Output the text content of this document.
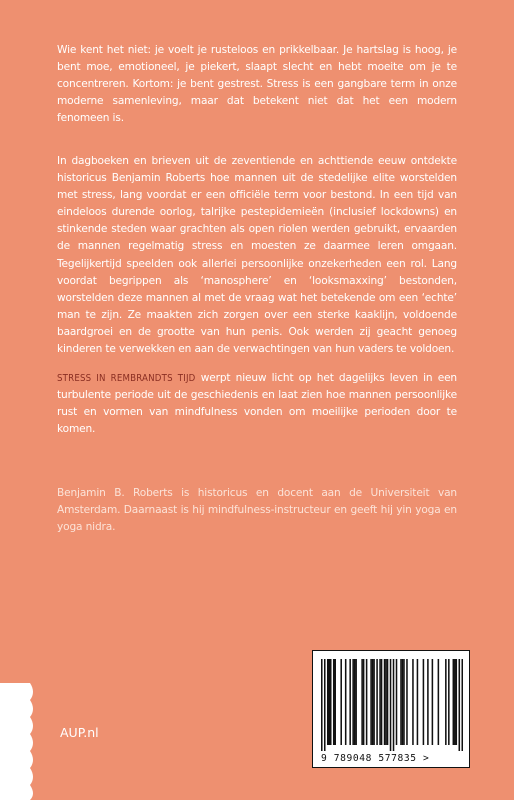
Wie kent het niet: je voelt je rusteloos en prikkelbaar. Je hartslag is hoog, je bent moe, emotioneel, je piekert, slaapt slecht en hebt moeite om je te concentreren. Kortom: je bent gestrest. Stress is een gangbare term in onze moderne samenleving, maar dat betekent niet dat het een modern fenomeen is.
In dagboeken en brieven uit de zeventiende en achttiende eeuw ontdekte historicus Benjamin Roberts hoe mannen uit de stedelijke elite worstelden met stress, lang voordat er een officiële term voor bestond. In een tijd van eindeloos durende oorlog, talrijke pestepidemieën (inclusief lockdowns) en stinkende steden waar grachten als open riolen werden gebruikt, ervaarden de mannen regelmatig stress en moesten ze daarmee leren omgaan. Tegelijkertijd speelden ook allerlei persoonlijke onzekerheden een rol. Lang voordat begrippen als ‘manosphere’ en ‘looksmaxxing’ bestonden, worstelden deze mannen al met de vraag wat het betekende om een ‘echte’ man te zijn. Ze maakten zich zorgen over een sterke kaaklijn, voldoende baardgroei en de grootte van hun penis. Ook werden zij geacht genoeg kinderen te verwekken en aan de verwachtingen van hun vaders te voldoen.
STRESS IN REMBRANDTS TIJD werpt nieuw licht op het dagelijks leven in een turbulente periode uit de geschiedenis en laat zien hoe mannen persoonlijke rust en vormen van mindfulness vonden om moeilijke perioden door te komen.
Benjamin B. Roberts is historicus en docent aan de Universiteit van Amsterdam. Daarnaast is hij mindfulness-instructeur en geeft hij yin yoga en yoga nidra.
AUP.nl
9 789048 577835 >
